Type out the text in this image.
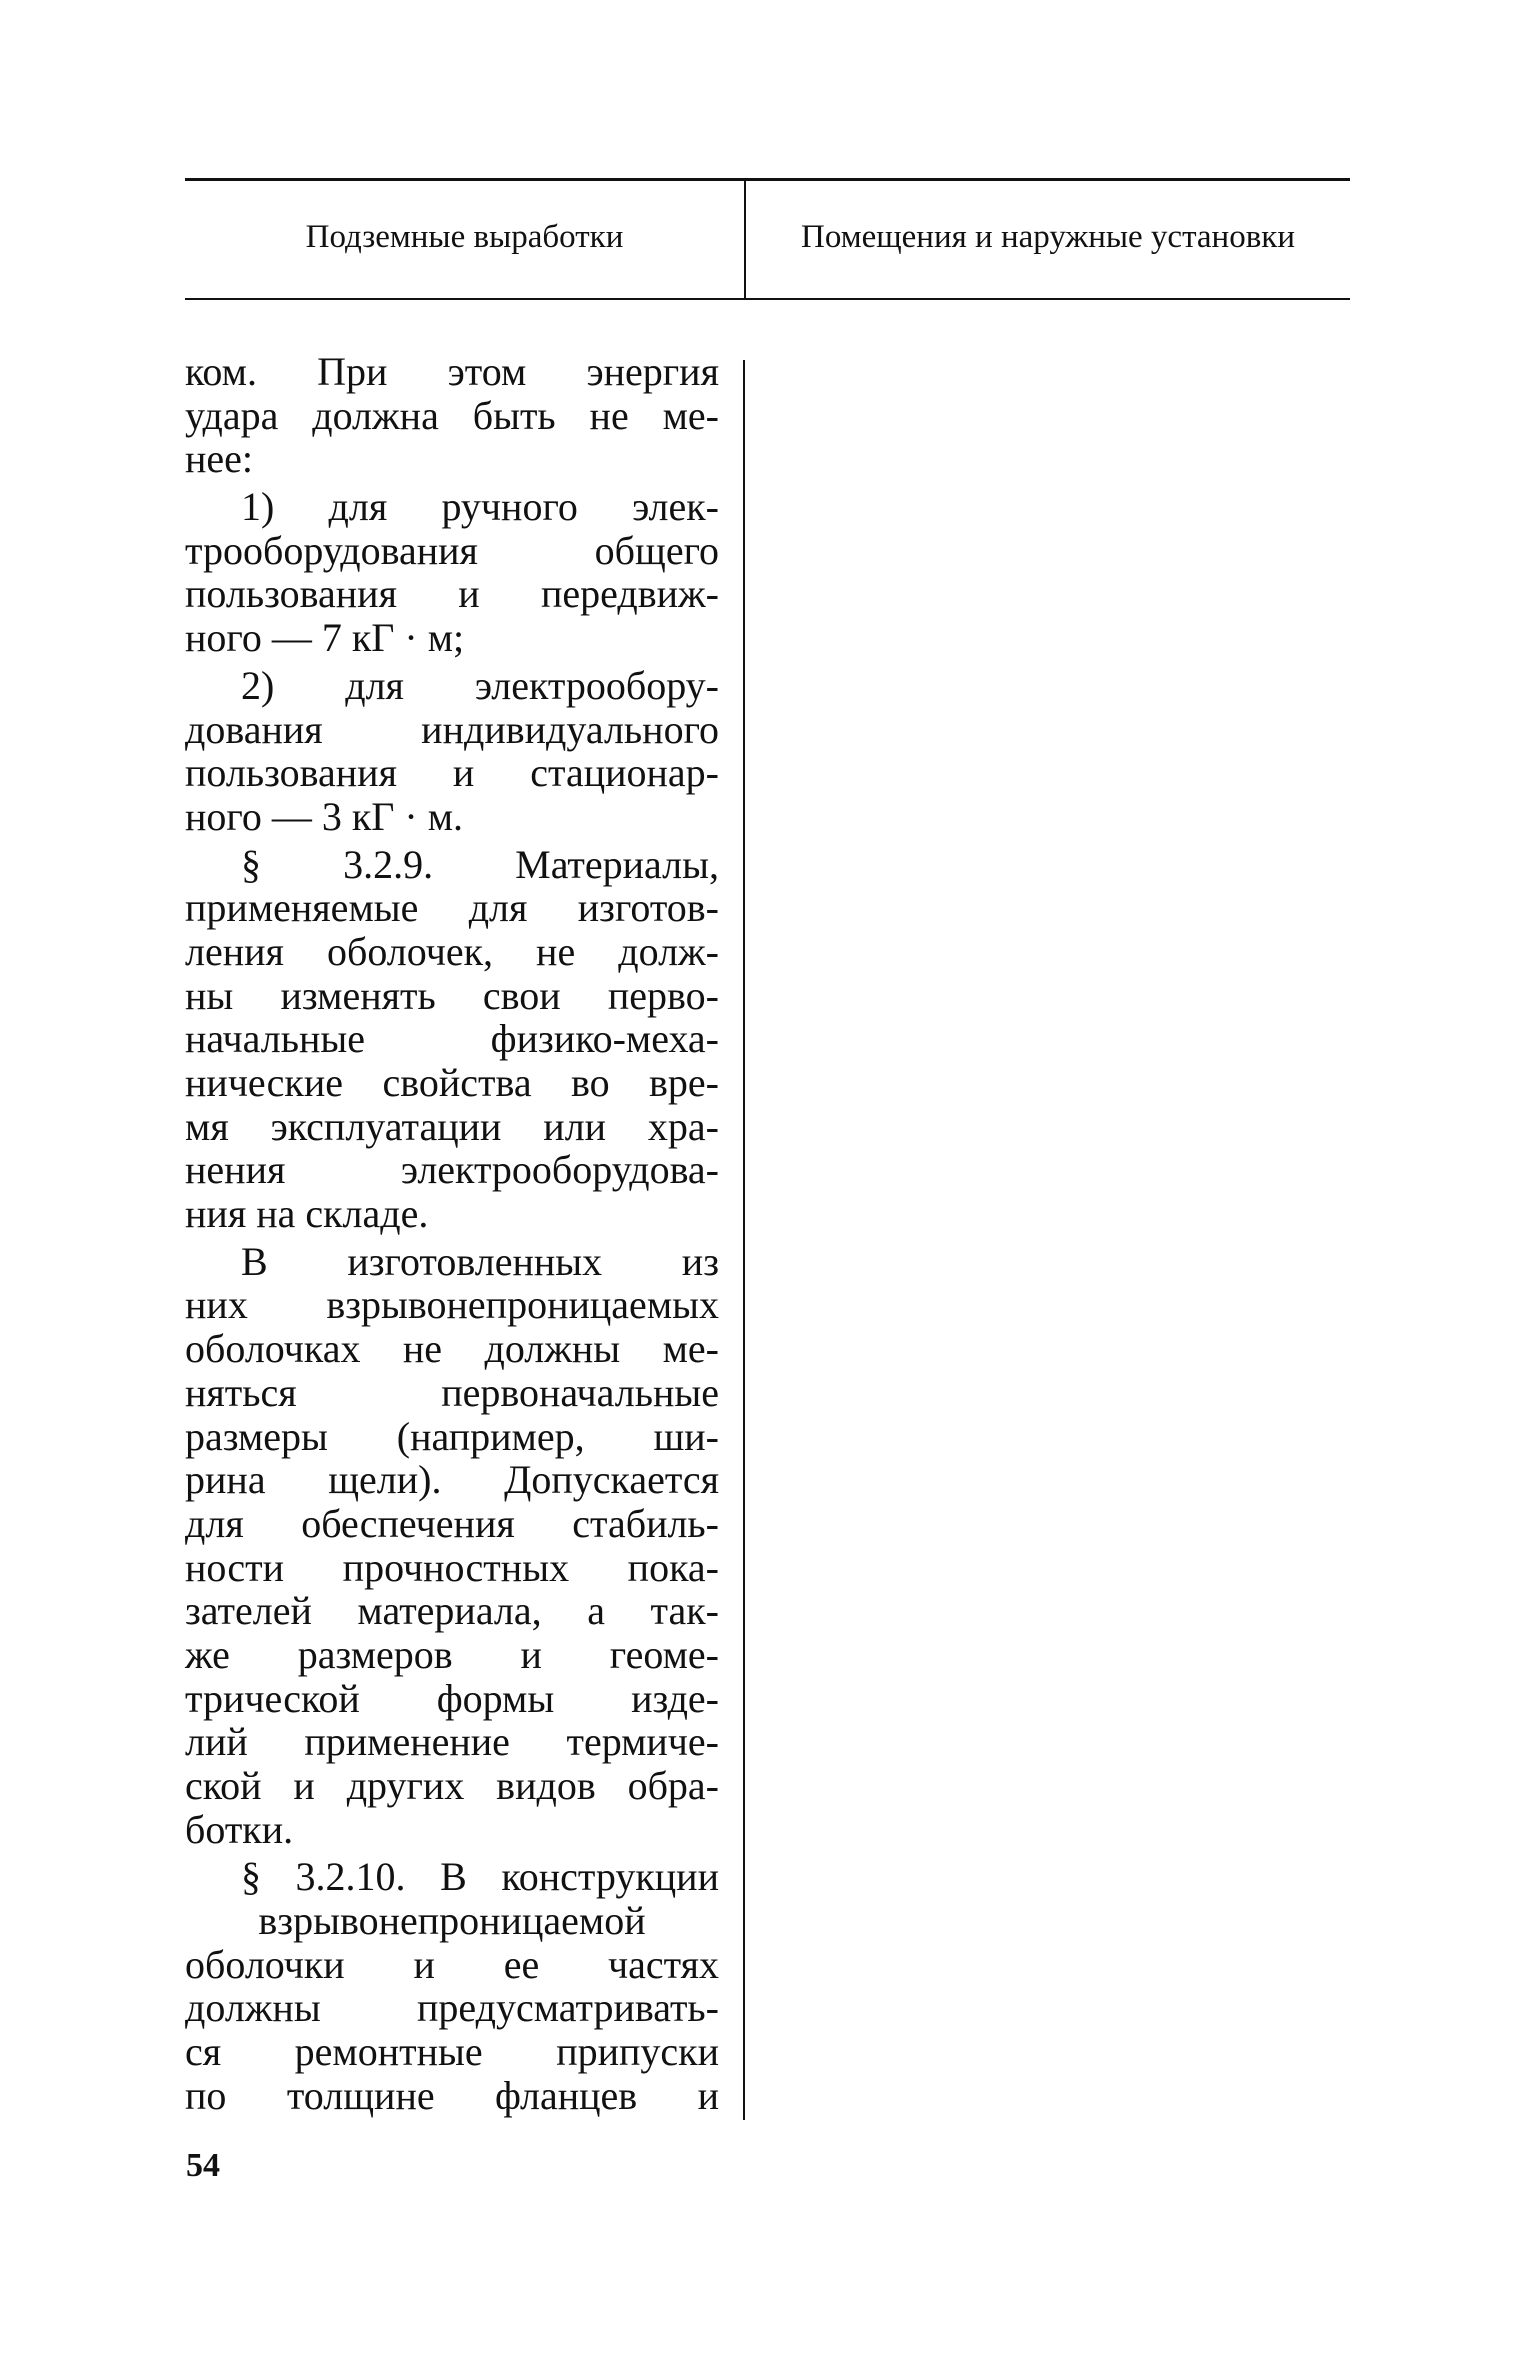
Подземные выработки	Помещения и наружные установки

ком. При этом энергия
удара должна быть не ме-
нее:

1) для ручного элек-
трооборудования общего
пользования и передвиж-
ного — 7 кГ · м;

2) для электрообору-
дования индивидуального
пользования и стационар-
ного — 3 кГ · м.

§ 3.2.9. Материалы,
применяемые для изготов-
ления оболочек, не долж-
ны изменять свои перво-
начальные физико-меха-
нические свойства во вре-
мя эксплуатации или хра-
нения электрооборудова-
ния на складе.

В изготовленных из
них взрывонепроницаемых
оболочках не должны ме-
няться первоначальные
размеры (например, ши-
рина щели). Допускается
для обеспечения стабиль-
ности прочностных пока-
зателей материала, а так-
же размеров и геоме-
трической формы изде-
лий применение термиче-
ской и других видов обра-
ботки.

§ 3.2.10. В конструкции
взрывонепроницаемой
оболочки и ее частях
должны предусматривать-
ся ремонтные припуски
по толщине фланцев и

54
